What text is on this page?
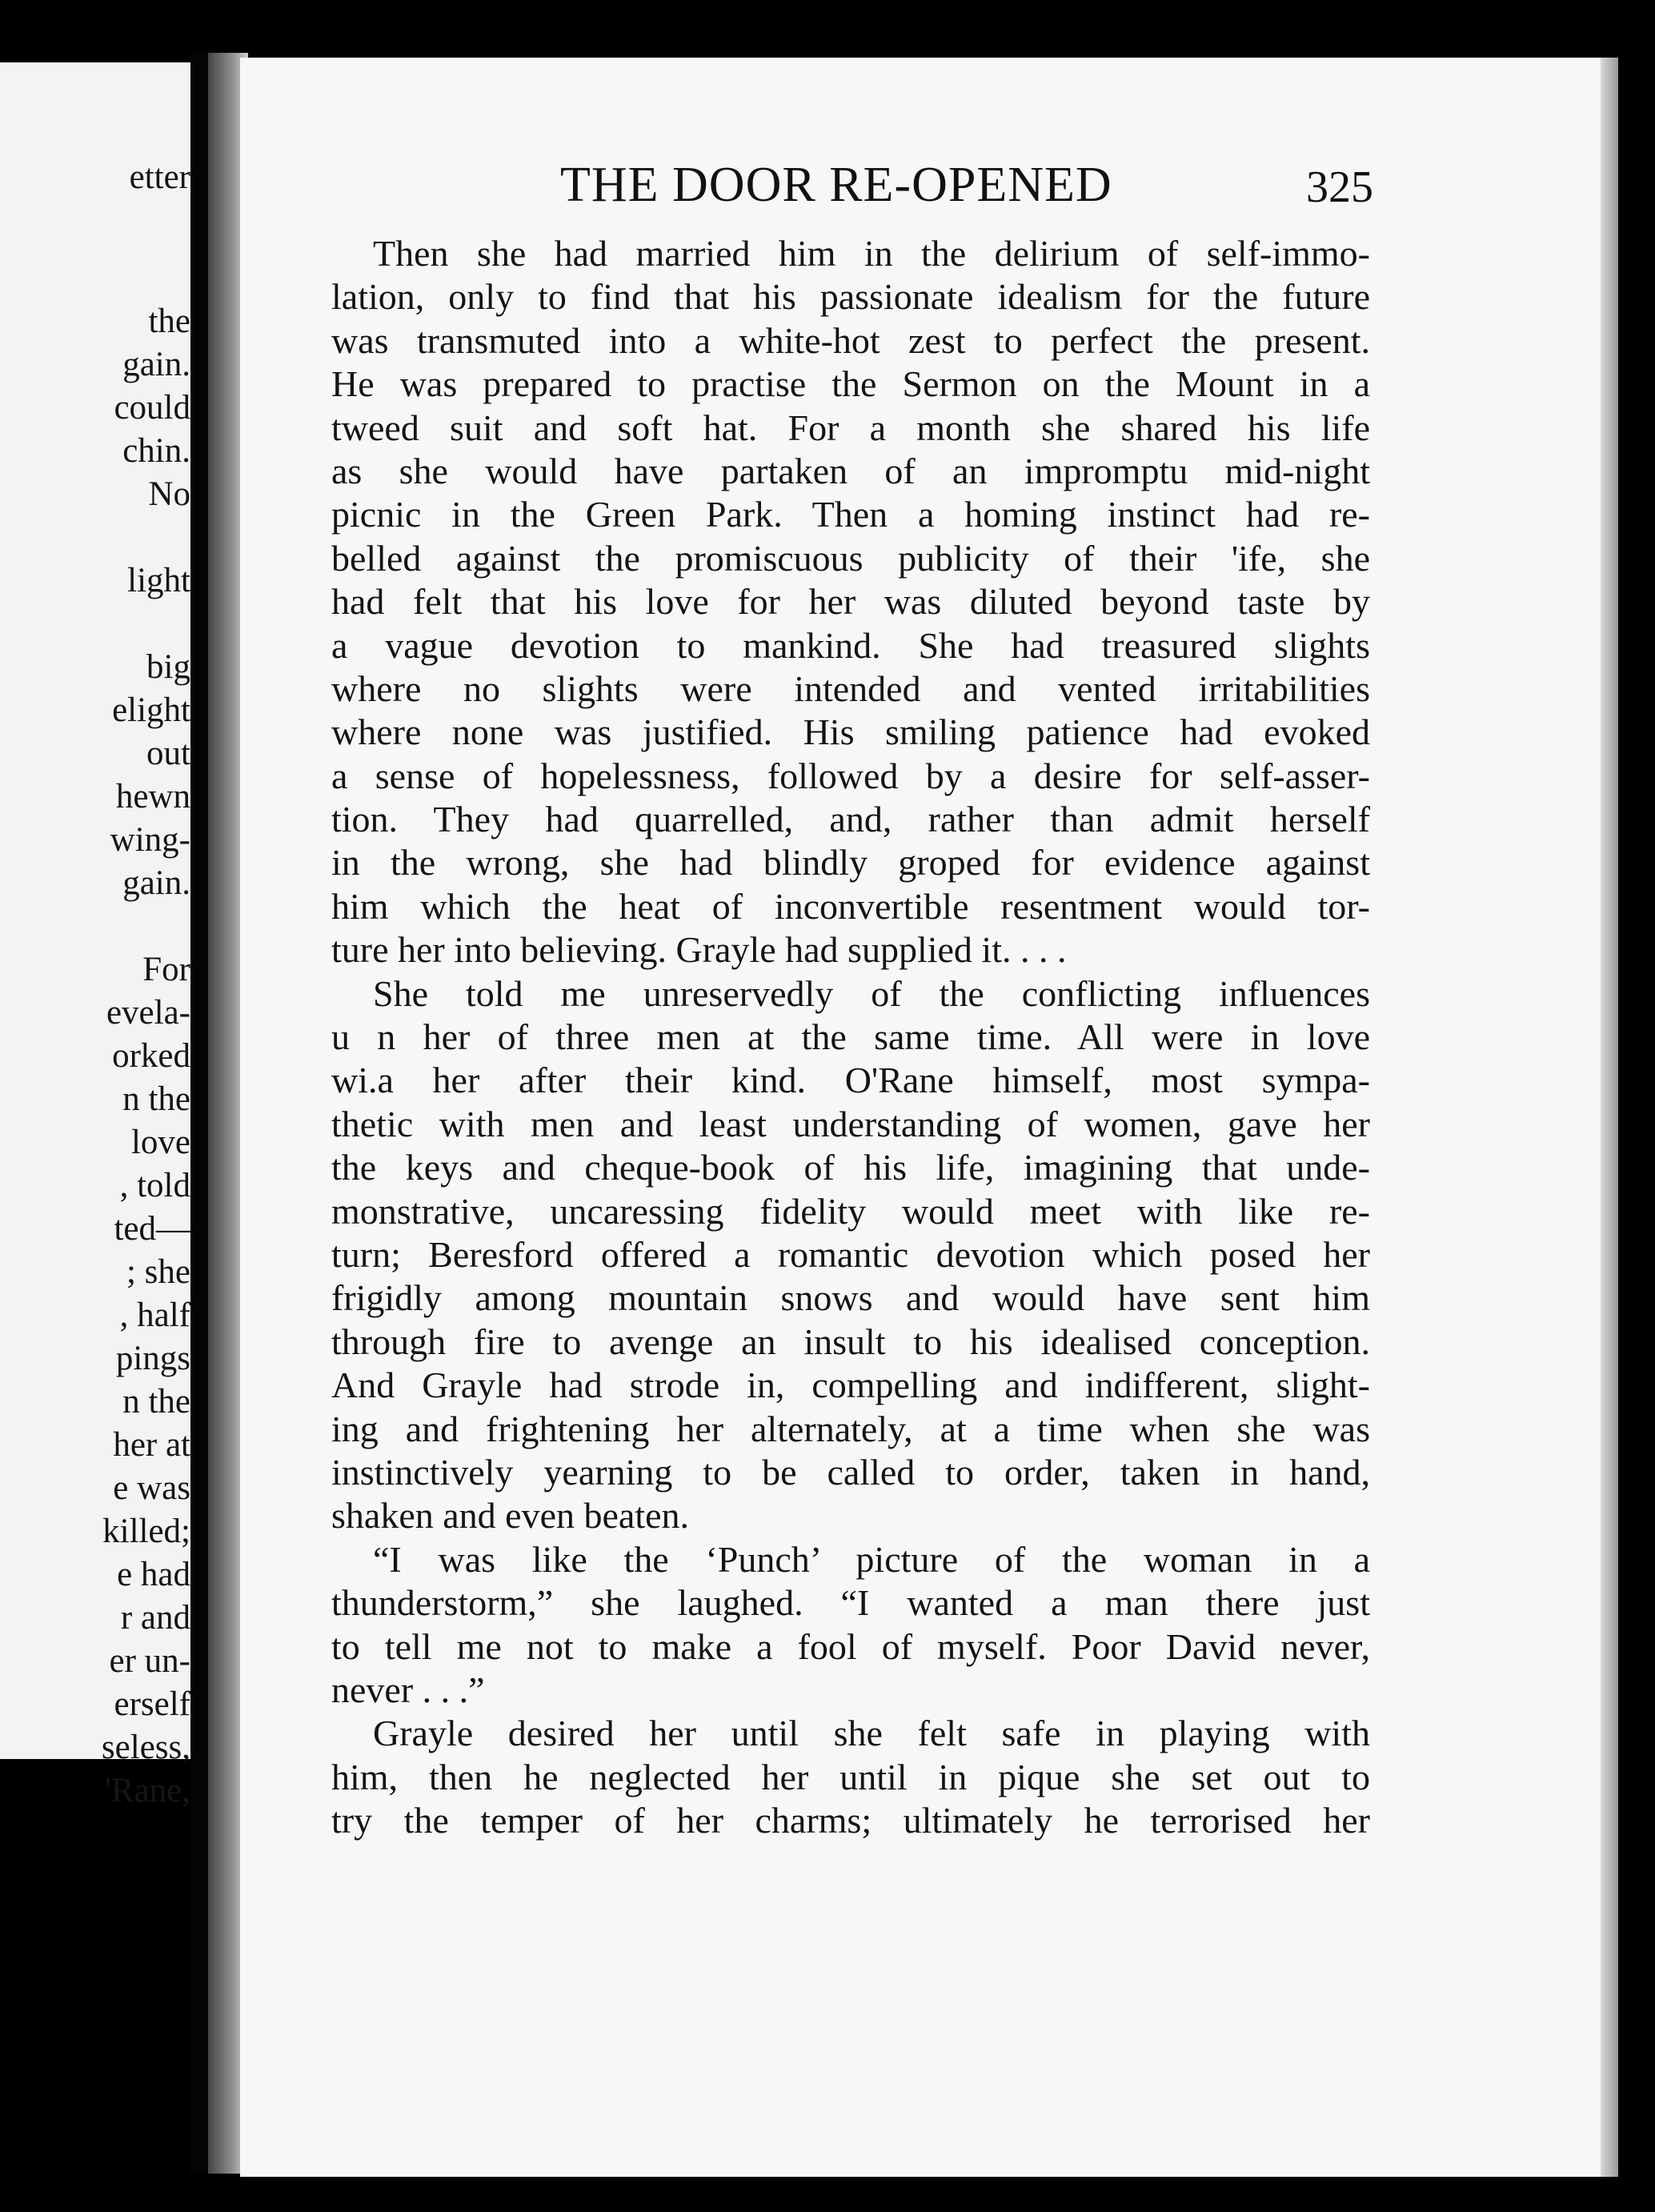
etter
the
gain.
could
chin.
No
light
big
elight
out
hewn
wing-
gain.
For
evela-
orked
n the
love
, told
ted—
; she
, half
pings
n the
her at
e was
killed;
e had
r and
er un-
erself
seless,
'Rane,
THE DOOR RE-OPENED	325
Then she had married him in the delirium of self-immo-
lation, only to find that his passionate idealism for the future
was transmuted into a white-hot zest to perfect the present.
He was prepared to practise the Sermon on the Mount in a
tweed suit and soft hat. For a month she shared his life
as she would have partaken of an impromptu mid-night
picnic in the Green Park. Then a homing instinct had re-
belled against the promiscuous publicity of their 'ife, she
had felt that his love for her was diluted beyond taste by
a vague devotion to mankind. She had treasured slights
where no slights were intended and vented irritabilities
where none was justified. His smiling patience had evoked
a sense of hopelessness, followed by a desire for self-asser-
tion. They had quarrelled, and, rather than admit herself
in the wrong, she had blindly groped for evidence against
him which the heat of inconvertible resentment would tor-
ture her into believing. Grayle had supplied it. . . .
She told me unreservedly of the conflicting influences
u n her of three men at the same time. All were in love
wi.a her after their kind. O'Rane himself, most sympa-
thetic with men and least understanding of women, gave her
the keys and cheque-book of his life, imagining that unde-
monstrative, uncaressing fidelity would meet with like re-
turn; Beresford offered a romantic devotion which posed her
frigidly among mountain snows and would have sent him
through fire to avenge an insult to his idealised conception.
And Grayle had strode in, compelling and indifferent, slight-
ing and frightening her alternately, at a time when she was
instinctively yearning to be called to order, taken in hand,
shaken and even beaten.
“I was like the ‘Punch’ picture of the woman in a
thunderstorm,” she laughed. “I wanted a man there just
to tell me not to make a fool of myself. Poor David never,
never . . .”
Grayle desired her until she felt safe in playing with
him, then he neglected her until in pique she set out to
try the temper of her charms; ultimately he terrorised her
